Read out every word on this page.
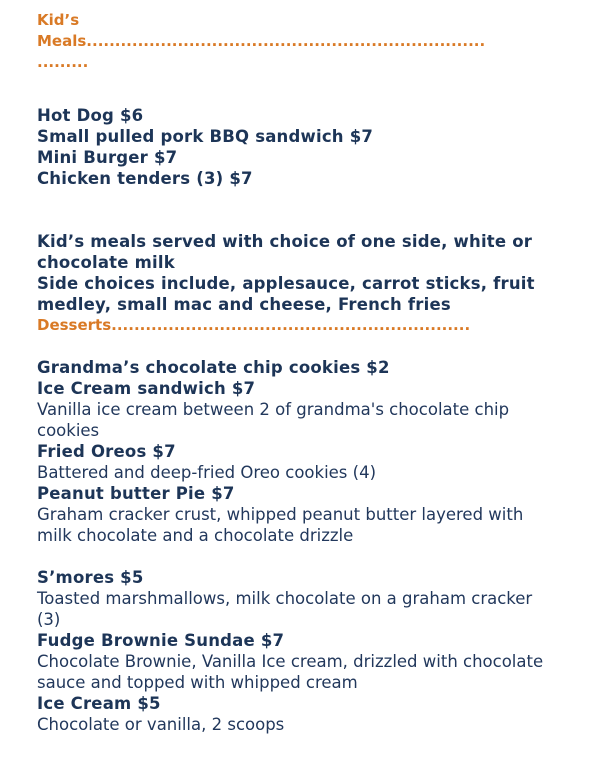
Kid’s
Meals......................................................................
.........

Hot Dog $6

Small pulled pork BBQ sandwich $7

Mini Burger $7

Chicken tenders (3) $7

Kid’s meals served with choice of one side, white or

chocolate milk

Side choices include, applesauce, carrot sticks, fruit

medley, small mac and cheese, French fries

Desserts...............................................................

Grandma’s chocolate chip cookies $2

Ice Cream sandwich $7

Vanilla ice cream between 2 of grandma's chocolate chip

cookies

Fried Oreos $7

Battered and deep-fried Oreo cookies (4)

Peanut butter Pie $7

Graham cracker crust, whipped peanut butter layered with

milk chocolate and a chocolate drizzle

S’mores $5

Toasted marshmallows, milk chocolate on a graham cracker

(3)

Fudge Brownie Sundae $7

Chocolate Brownie, Vanilla Ice cream, drizzled with chocolate

sauce and topped with whipped cream

Ice Cream $5

Chocolate or vanilla, 2 scoops
